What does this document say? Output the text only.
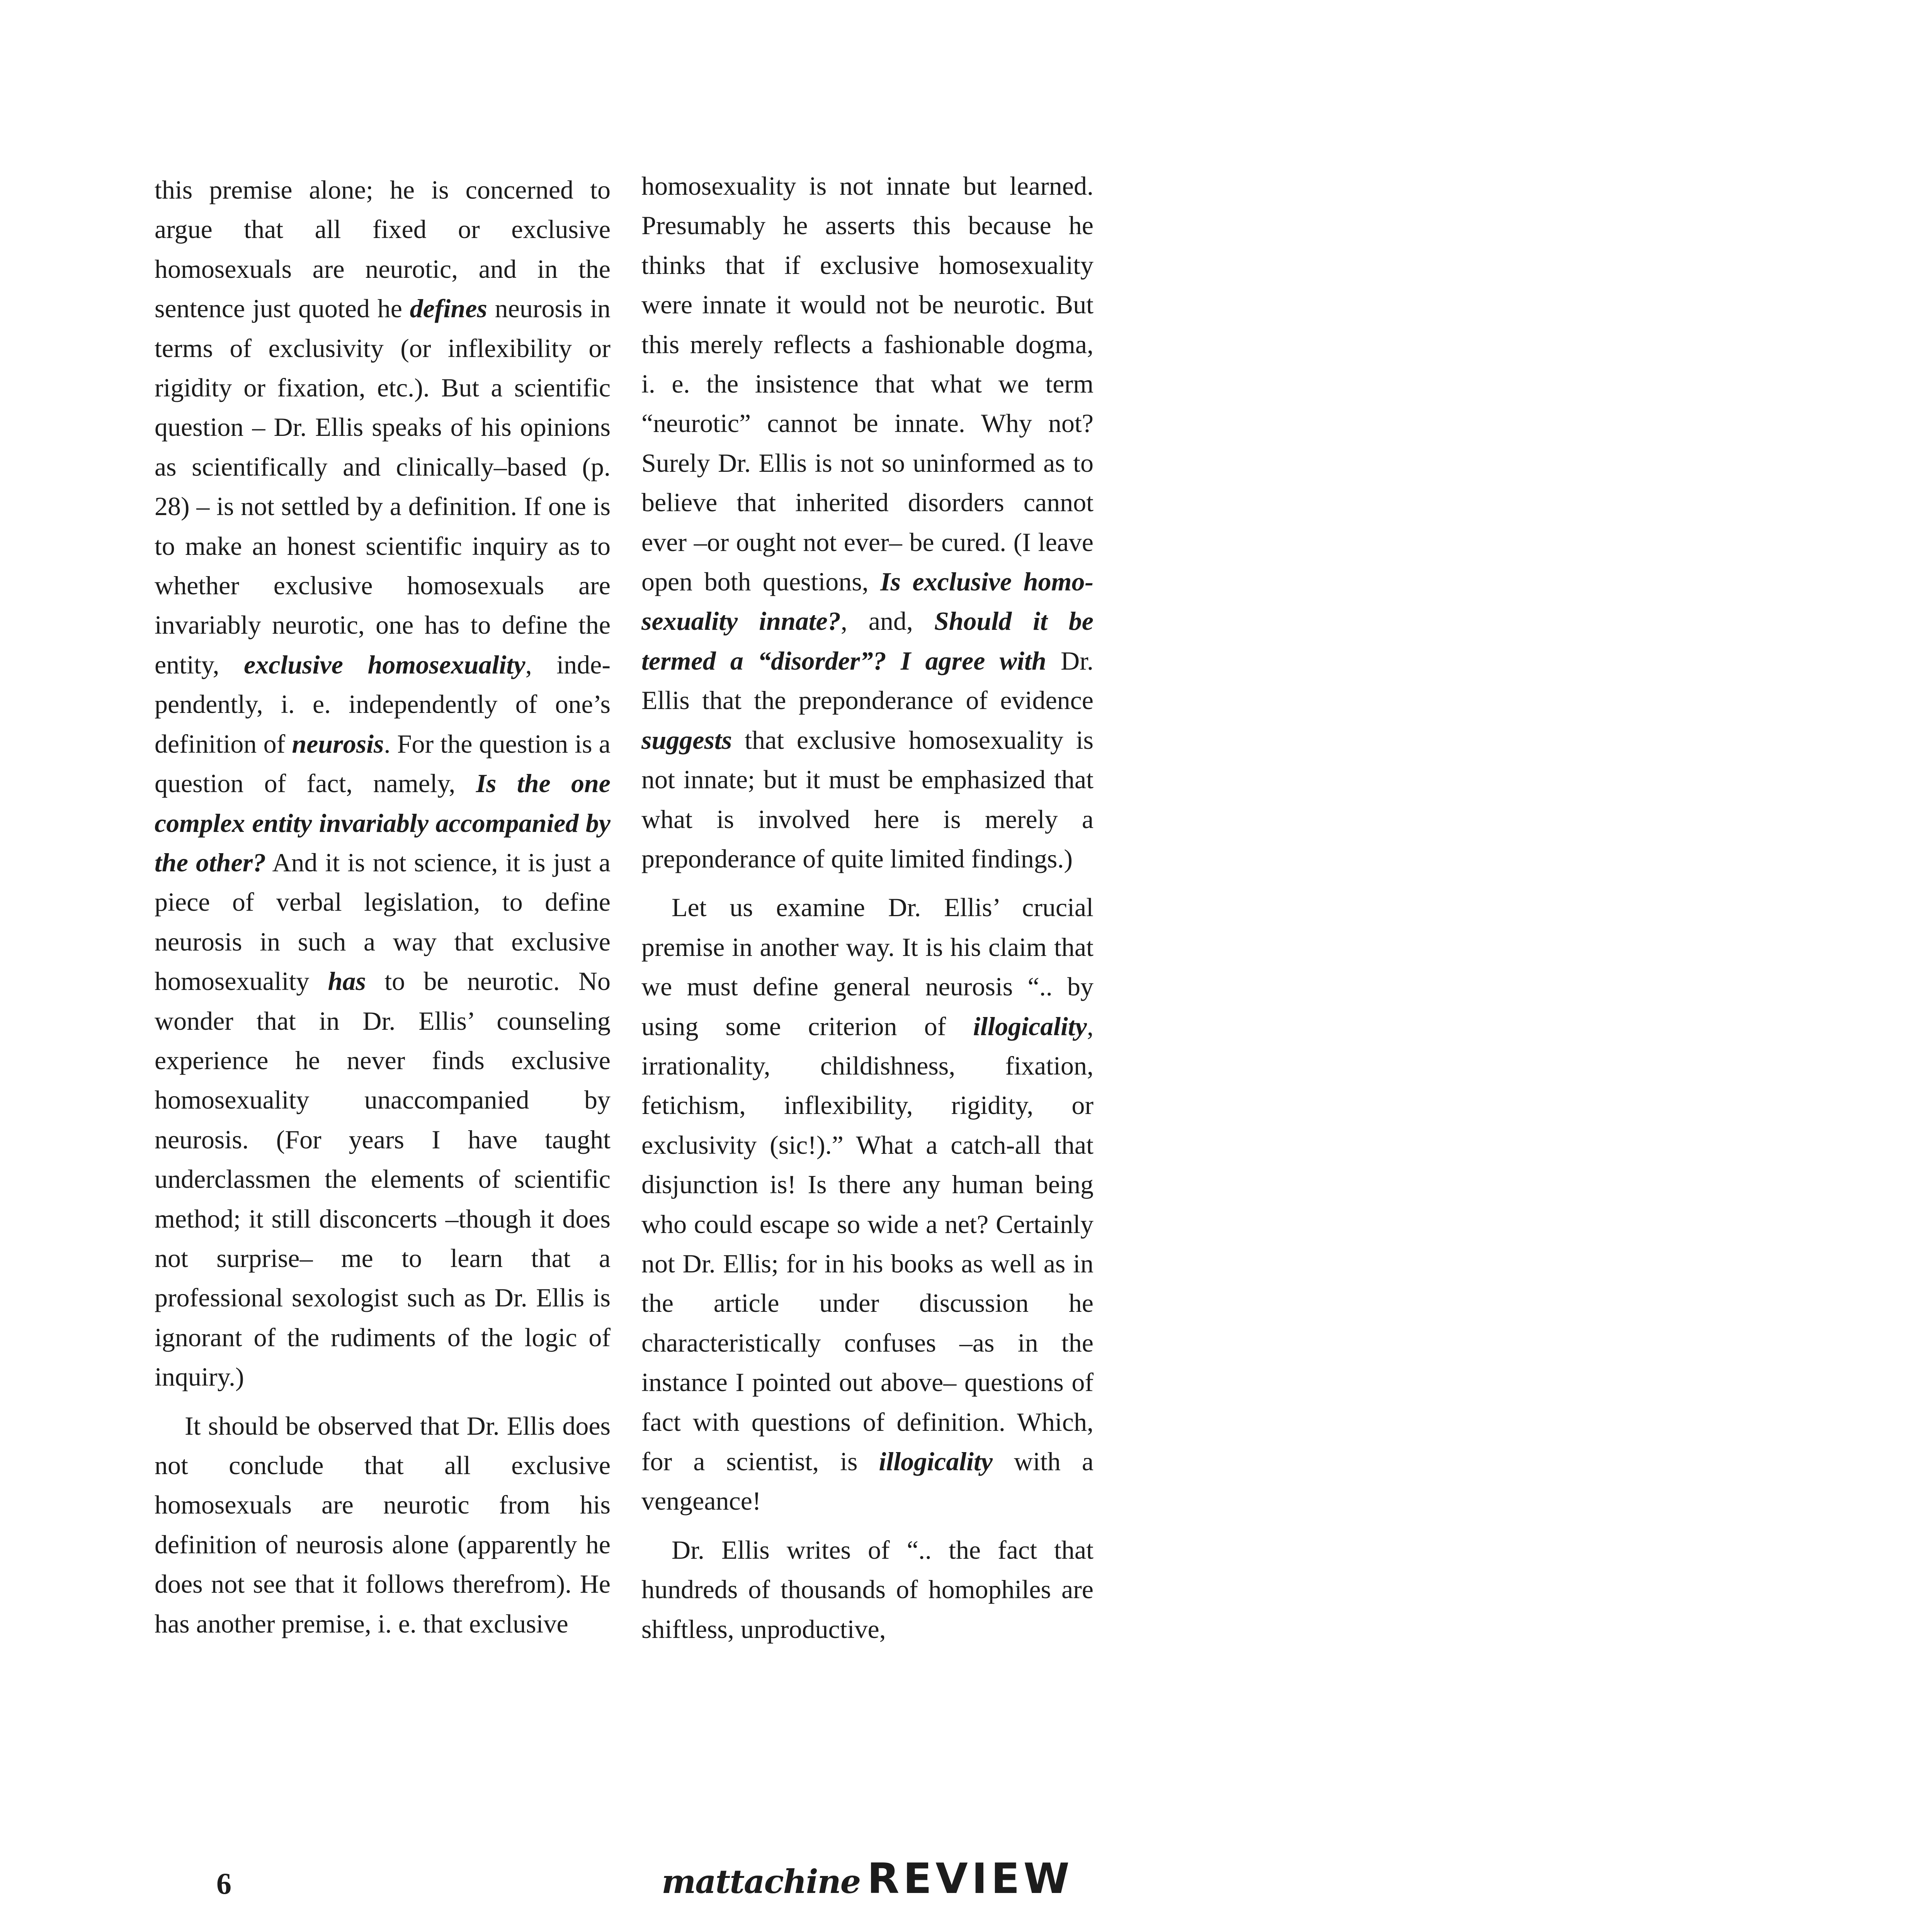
this premise alone; he is concerned to argue that all fixed or exclusive homosexuals are neurotic, and in the sentence just quoted he defines neurosis in terms of exclusivity (or inflexibility or rigidity or fixation, etc.). But a scientific question – Dr. Ellis speaks of his opinions as scientifically and clinically–based (p. 28) – is not settled by a definition. If one is to make an honest scientific inquiry as to whether exclusive homosexuals are invariably neurotic, one has to define the entity, exclusive homosexuality, independently, i. e. independently of one’s definition of neurosis. For the question is a question of fact, namely, Is the one complex entity invariably accompanied by the other? And it is not science, it is just a piece of verbal legislation, to define neurosis in such a way that exclusive homosexuality has to be neurotic. No wonder that in Dr. Ellis’ counseling experience he never finds exclusive homosexuality unaccompanied by neurosis. (For years I have taught underclassmen the elements of scientific method; it still disconcerts –though it does not surprise– me to learn that a professional sexologist such as Dr. Ellis is ignorant of the rudiments of the logic of inquiry.)

It should be observed that Dr. Ellis does not conclude that all exclusive homosexuals are neurotic from his definition of neurosis alone (apparently he does not see that it follows therefrom). He has another premise, i. e. that exclusive

homosexuality is not innate but learned. Presumably he asserts this because he thinks that if exclusive homosexuality were innate it would not be neurotic. But this merely reflects a fashionable dogma, i. e. the insistence that what we term “neurotic” cannot be innate. Why not? Surely Dr. Ellis is not so uninformed as to believe that inherited disorders cannot ever –or ought not ever– be cured. (I leave open both questions, Is exclusive homosexuality innate?, and, Should it be termed a “disorder”? I agree with Dr. Ellis that the preponderance of evidence suggests that exclusive homosexuality is not innate; but it must be emphasized that what is involved here is merely a preponderance of quite limited findings.)

Let us examine Dr. Ellis’ crucial premise in another way. It is his claim that we must define general neurosis “.. by using some criterion of illogicality, irrationality, childishness, fixation, fetichism, inflexibility, rigidity, or exclusivity (sic!).” What a catch-all that disjunction is! Is there any human being who could escape so wide a net? Certainly not Dr. Ellis; for in his books as well as in the article under discussion he characteristically confuses –as in the instance I pointed out above– questions of fact with questions of definition. Which, for a scientist, is illogicality with a vengeance!

Dr. Ellis writes of “.. the fact that hundreds of thousands of homophiles are shiftless, unproductive,

6	mattachine REVIEW
